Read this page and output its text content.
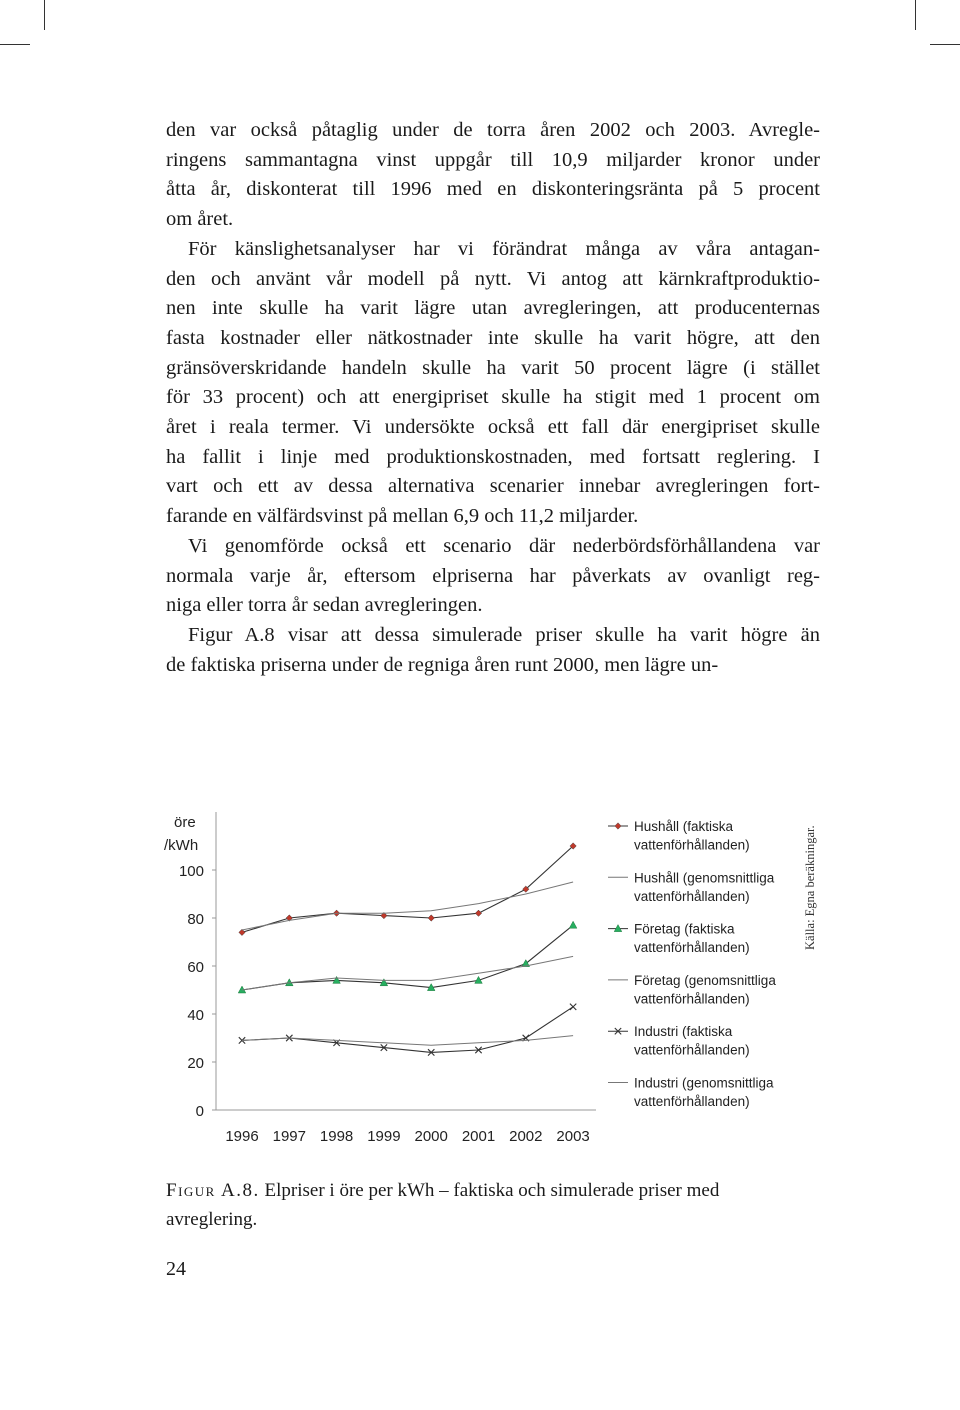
den var också påtaglig under de torra åren 2002 och 2003. Avregle-
ringens sammantagna vinst uppgår till 10,9 miljarder kronor under
åtta år, diskonterat till 1996 med en diskonteringsränta på 5 procent
om året.

För känslighetsanalyser har vi förändrat många av våra antagan-
den och använt vår modell på nytt. Vi antog att kärnkraftproduktio-
nen inte skulle ha varit lägre utan avregleringen, att producenternas
fasta kostnader eller nätkostnader inte skulle ha varit högre, att den
gränsöverskridande handeln skulle ha varit 50 procent lägre (i stället
för 33 procent) och att energipriset skulle ha stigit med 1 procent om
året i reala termer. Vi undersökte också ett fall där energipriset skulle
ha fallit i linje med produktionskostnaden, med fortsatt reglering. I
vart och ett av dessa alternativa scenarier innebar avregleringen fort-
farande en välfärdsvinst på mellan 6,9 och 11,2 miljarder.

Vi genomförde också ett scenario där nederbördsförhållandena var
normala varje år, eftersom elpriserna har påverkats av ovanligt reg-
niga eller torra år sedan avregleringen.

Figur A.8 visar att dessa simulerade priser skulle ha varit högre än
de faktiska priserna under de regniga åren runt 2000, men lägre un-

öre
/kWh
0
20
40
60
80
100
1996 1997 1998 1999 2000 2001 2002 2003
Hushåll (faktiska
vattenförhållanden)
Hushåll (genomsnittliga
vattenförhållanden)
Företag (faktiska
vattenförhållanden)
Företag (genomsnittliga
vattenförhållanden)
Industri (faktiska
vattenförhållanden)
Industri (genomsnittliga
vattenförhållanden)
Källa: Egna beräkningar.
Figur A.8. Elpriser i öre per kWh – faktiska och simulerade priser med avreglering.
24
